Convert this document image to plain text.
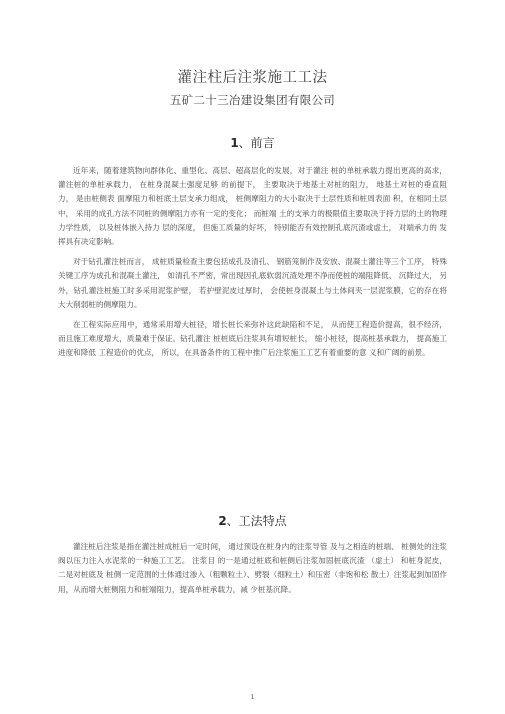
灌注柱后注浆施工工法
五矿二十三冶建设集团有限公司
1、前言

近年来，随着建筑物向群体化、重型化、高层、超高层化的发展，对于灌注 桩的单桩承载力提出更高的高求， 灌注桩的单桩承载力， 在桩身混凝土强度足够 的前提下， 主要取决于地基土对桩的阻力， 地基土对桩的垂直阻力， 是由桩侧表 面摩阻力和桩底土层支承力组成， 桩侧摩阻力的大小取决于土层性质和桩周表面 积，在相同土层中， 采用的成孔方法不同桩的侧摩阻力亦有一定的变化； 而桩端 土的支承力的极限值主要取决于持力层的土的物理力学性质， 以及桩体嵌入持力 层的深度， 但施工质量的好坏， 特别能否有效控制孔底沉渣或虚土， 对端承力的 发挥具有决定影响。

对于钻孔灌注桩而言， 成桩质量检查主要包括成孔及清孔、 钢筋笼制作及安放、混凝土灌注等三个工序， 特殊关键工序为成孔和混凝土灌注， 如清孔不严密，常出现因孔底软弱沉渣处理不净而使桩的端阻降低、 沉降过大， 另外，钻孔灌注桩施工时多采用泥浆护壁， 若护壁泥皮过厚时， 会使桩身混凝土与土体间夹一层泥浆膜，它的存在将大大削弱桩的侧摩阻力。

在工程实际应用中，通常采用增大桩径，增长桩长来弥补这此缺陷和不足， 从而使工程造价提高，很不经济，而且施工难度增大，质量难于保证。钻孔灌注 桩桩底后注浆具有增短桩长， 缩小桩径，提高桩基承载力， 提高施工进度和降低 工程造价的优点， 所以，在具备条件的工程中推广后注浆施工工艺有着重要的意 义和广阔的前景。

2、工法特点

灌注桩后注浆是指在灌注桩成桩后一定时间， 通过预设在桩身内的注浆导管 及与之相连的桩端、 桩侧处的注浆阀以压力注入水泥浆的一种施工工艺。 注浆目 的一是通过桩底和桩侧后注浆加固桩底沉渣 （虚土） 和桩身泥皮， 二是对桩底及 桩侧一定范围的土体通过渗入（粗颗粒土）、劈裂（细粒土）和压密（非饱和松 散土）注浆起到加固作用，从而增大桩侧阻力和桩端阻力，提高单桩承载力，减 少桩基沉降。

1
